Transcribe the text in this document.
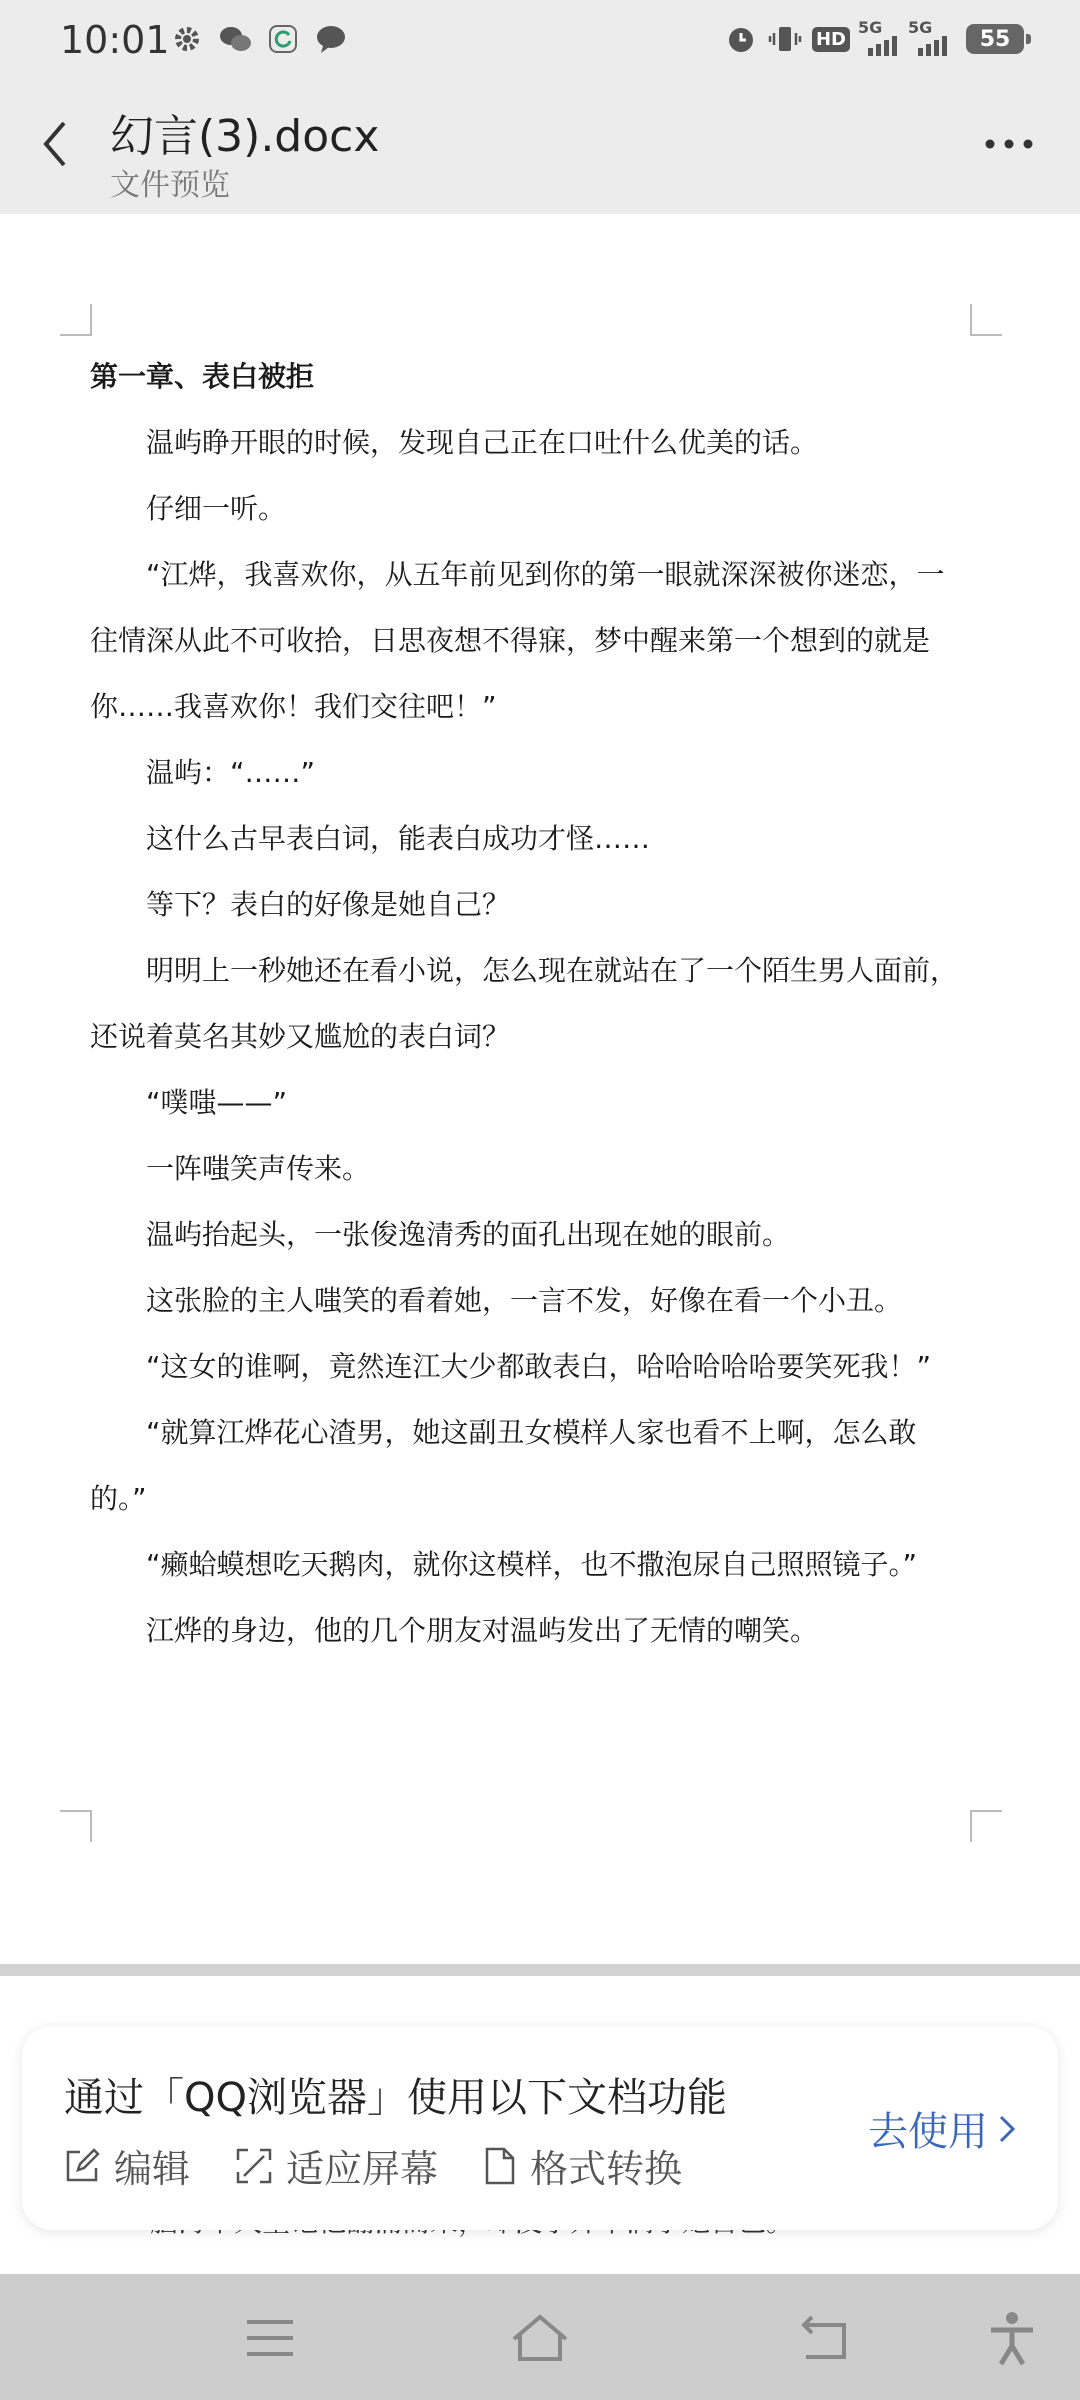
10:01	HD
5G 5G	55
幻言(3).docx
文件预览

第一章、表白被拒

温屿睁开眼的时候，发现自己正在口吐什么优美的话。

仔细一听。

“江烨，我喜欢你，从五年前见到你的第一眼就深深被你迷恋，一往情深从此不可收拾，日思夜想不得寐，梦中醒来第一个想到的就是你……我喜欢你！我们交往吧！”

温屿：“……”

这什么古早表白词，能表白成功才怪……

等下？表白的好像是她自己？

明明上一秒她还在看小说，怎么现在就站在了一个陌生男人面前，还说着莫名其妙又尴尬的表白词？

“噗嗤——”

一阵嗤笑声传来。

温屿抬起头，一张俊逸清秀的面孔出现在她的眼前。

这张脸的主人嗤笑的看着她，一言不发，好像在看一个小丑。

“这女的谁啊，竟然连江大少都敢表白，哈哈哈哈哈要笑死我！”

“就算江烨花心渣男，她这副丑女模样人家也看不上啊，怎么敢的。”

“癞蛤蟆想吃天鹅肉，就你这模样，也不撒泡尿自己照照镜子。”

江烨的身边，他的几个朋友对温屿发出了无情的嘲笑。

通过「QQ浏览器」使用以下文档功能
编辑	适应屏幕 格式转换
去使用
